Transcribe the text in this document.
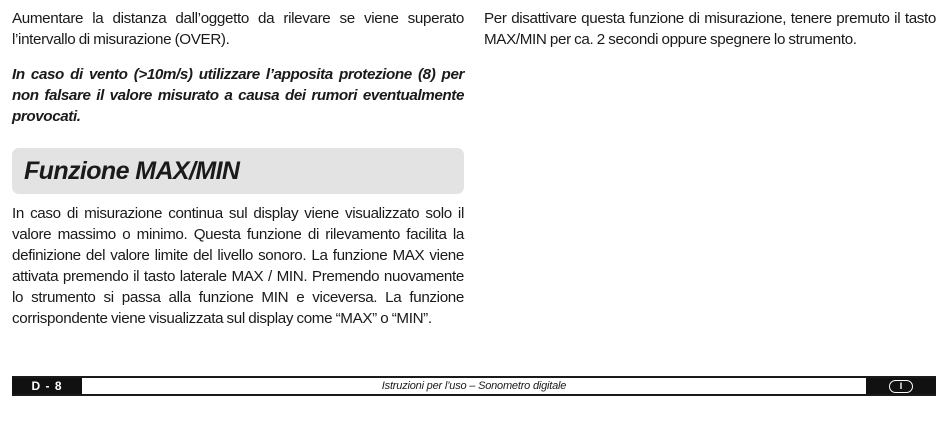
Aumentare la distanza dall’oggetto da rilevare se viene superato l’intervallo di misurazione (OVER).

In caso di vento (>10m/s) utilizzare l’apposita protezione (8) per non falsare il valore misurato a causa dei rumori eventualmente provocati.

Funzione MAX/MIN

In caso di misurazione continua sul display viene visualizzato solo il valore massimo o minimo. Questa funzione di rilevamento facilita la definizione del valore limite del livello sonoro. La funzione MAX viene attivata premendo il tasto laterale MAX / MIN. Premendo nuovamente lo strumento si passa alla funzione MIN e viceversa. La funzione corrispondente viene visualizzata sul display come “MAX” o “MIN”.

Per disattivare questa funzione di misurazione, tenere premuto il tasto MAX/MIN per ca. 2 secondi oppure spegnere lo strumento.

D - 8	Istruzioni per l’uso – Sonometro digitale	I
